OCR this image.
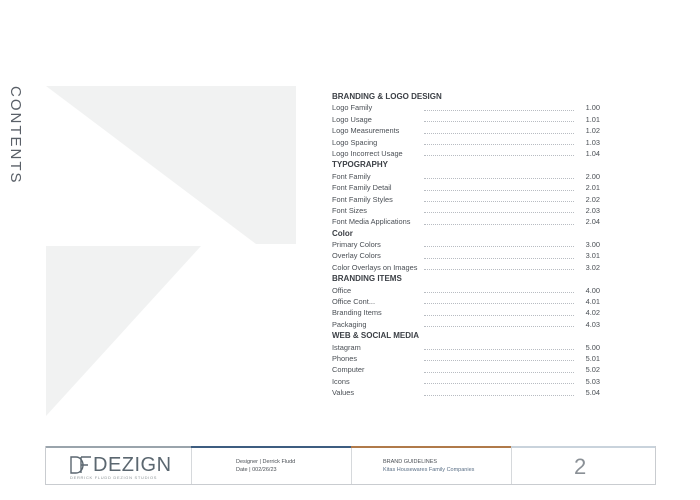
CONTENTS	BRANDING & LOGO DESIGN
Logo Family	1.00
Logo Usage	1.01
Logo Measurements	1.02
Logo Spacing	1.03
Logo Incorrect Usage	1.04
TYPOGRAPHY
Font Family	2.00
Font Family Detail	2.01
Font Family Styles	2.02
Font Sizes	2.03
Font Media Applications	2.04
Color
Primary Colors	3.00
Overlay Colors	3.01
Color Overlays on Images	3.02
BRANDING ITEMS
Office	4.00
Office Cont...	4.01
Branding Items	4.02
Packaging	4.03
WEB & SOCIAL MEDIA
Istagram	5.00
Phones	5.01
Computer	5.02
Icons	5.03
Values	5.04
DEZIGN
DERRICK FLUDD DEZIGN STUDIOS
Designer | Derrick Fludd
Date | 002/26/23
BRAND GUIDELINES
Kitas Housewares Family Companies	2
